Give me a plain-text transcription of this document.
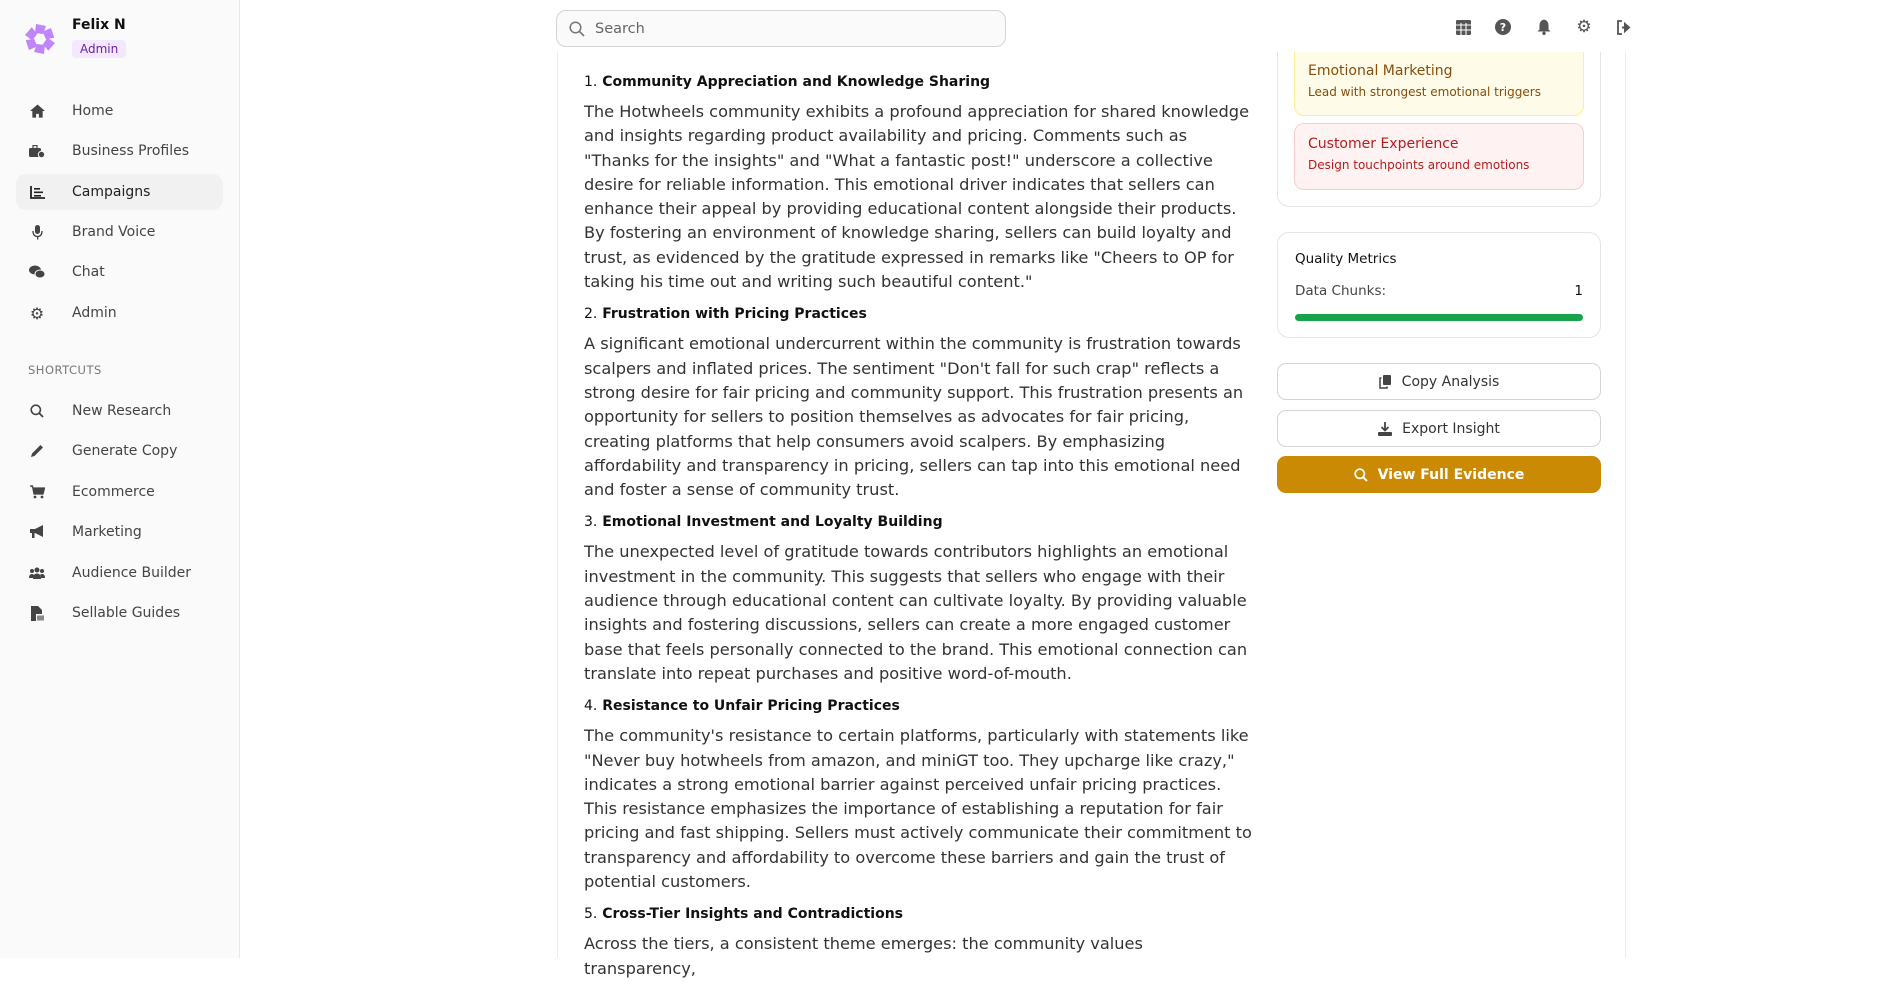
Felix N
Admin
Home
Business Profiles
Campaigns
Brand Voice
Chat
⚙ Admin
SHORTCUTS
New Research
Generate Copy
Ecommerce
Marketing
Audience Builder
Sellable Guides
1. Community Appreciation and Knowledge Sharing

The Hotwheels community exhibits a profound appreciation for shared knowledge and insights regarding product availability and pricing. Comments such as "Thanks for the insights" and "What a fantastic post!" underscore a collective desire for reliable information. This emotional driver indicates that sellers can enhance their appeal by providing educational content alongside their products. By fostering an environment of knowledge sharing, sellers can build loyalty and trust, as evidenced by the gratitude expressed in remarks like "Cheers to OP for taking his time out and writing such beautiful content."

2. Frustration with Pricing Practices

A significant emotional undercurrent within the community is frustration towards scalpers and inflated prices. The sentiment "Don't fall for such crap" reflects a strong desire for fair pricing and community support. This frustration presents an opportunity for sellers to position themselves as advocates for fair pricing, creating platforms that help consumers avoid scalpers. By emphasizing affordability and transparency in pricing, sellers can tap into this emotional need and foster a sense of community trust.

3. Emotional Investment and Loyalty Building

The unexpected level of gratitude towards contributors highlights an emotional investment in the community. This suggests that sellers who engage with their audience through educational content can cultivate loyalty. By providing valuable insights and fostering discussions, sellers can create a more engaged customer base that feels personally connected to the brand. This emotional connection can translate into repeat purchases and positive word-of-mouth.

4. Resistance to Unfair Pricing Practices

The community's resistance to certain platforms, particularly with statements like "Never buy hotwheels from amazon, and miniGT too. They upcharge like crazy," indicates a strong emotional barrier against perceived unfair pricing practices. This resistance emphasizes the importance of establishing a reputation for fair pricing and fast shipping. Sellers must actively communicate their commitment to transparency and affordability to overcome these barriers and gain the trust of potential customers.

5. Cross-Tier Insights and Contradictions

Across the tiers, a consistent theme emerges: the community values transparency,

Emotional Marketing
Lead with strongest emotional triggers
Customer Experience
Design touchpoints around emotions
Quality Metrics
Data Chunks:	1
Copy Analysis
Export Insight
View Full Evidence
Search
?	⚙
